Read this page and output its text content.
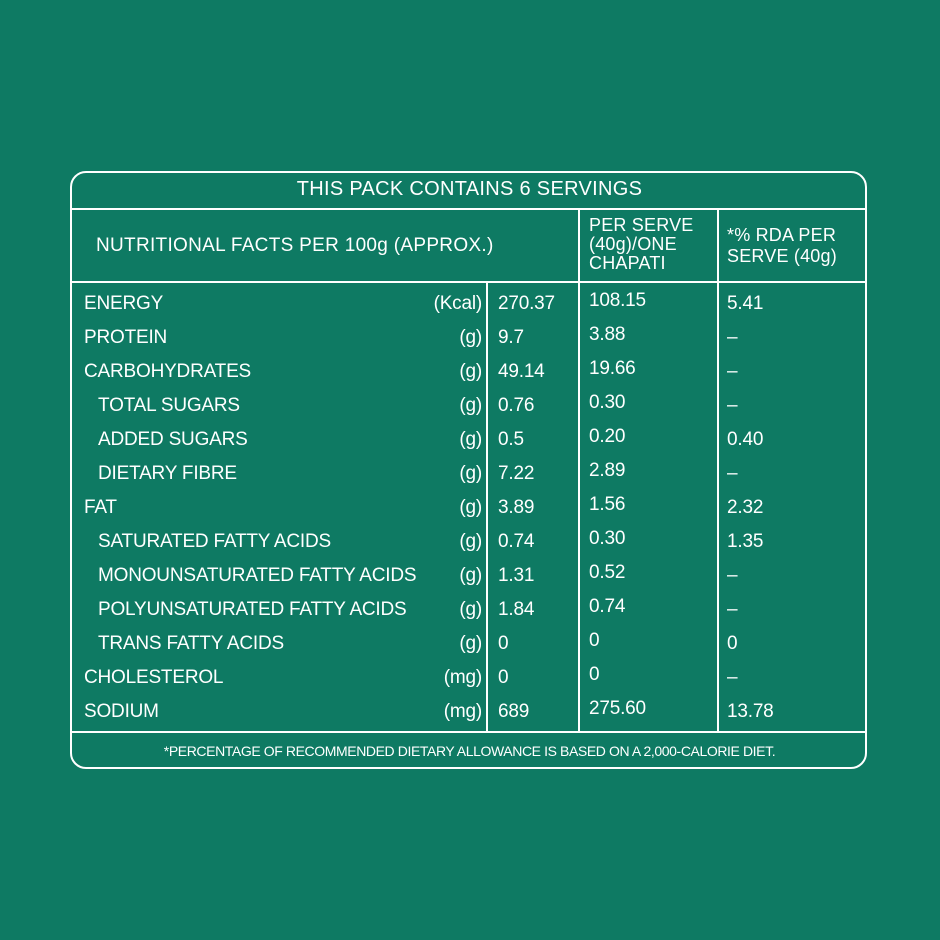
THIS PACK CONTAINS 6 SERVINGS
NUTRITIONAL FACTS PER 100g (APPROX.)
PER SERVE
(40g)/ONE
CHAPATI
*% RDA PER
SERVE (40g)
ENERGY	(Kcal) 270.37 108.15	5.41
PROTEIN	(g) 9.7	3.88	–
CARBOHYDRATES	(g) 49.14 19.66	–
TOTAL SUGARS	(g) 0.76	0.30	–
ADDED SUGARS	(g) 0.5	0.20	0.40
DIETARY FIBRE	(g) 7.22	2.89	–
FAT	(g) 3.89	1.56	2.32
SATURATED FATTY ACIDS	(g) 0.74	0.30	1.35
MONOUNSATURATED FATTY ACIDS	(g) 1.31	0.52	–
POLYUNSATURATED FATTY ACIDS	(g) 1.84	0.74	–
TRANS FATTY ACIDS	(g) 0	0	0
CHOLESTEROL	(mg) 0	0	–
SODIUM	(mg) 689	275.60	13.78
*PERCENTAGE OF RECOMMENDED DIETARY ALLOWANCE IS BASED ON A 2,000-CALORIE DIET.
